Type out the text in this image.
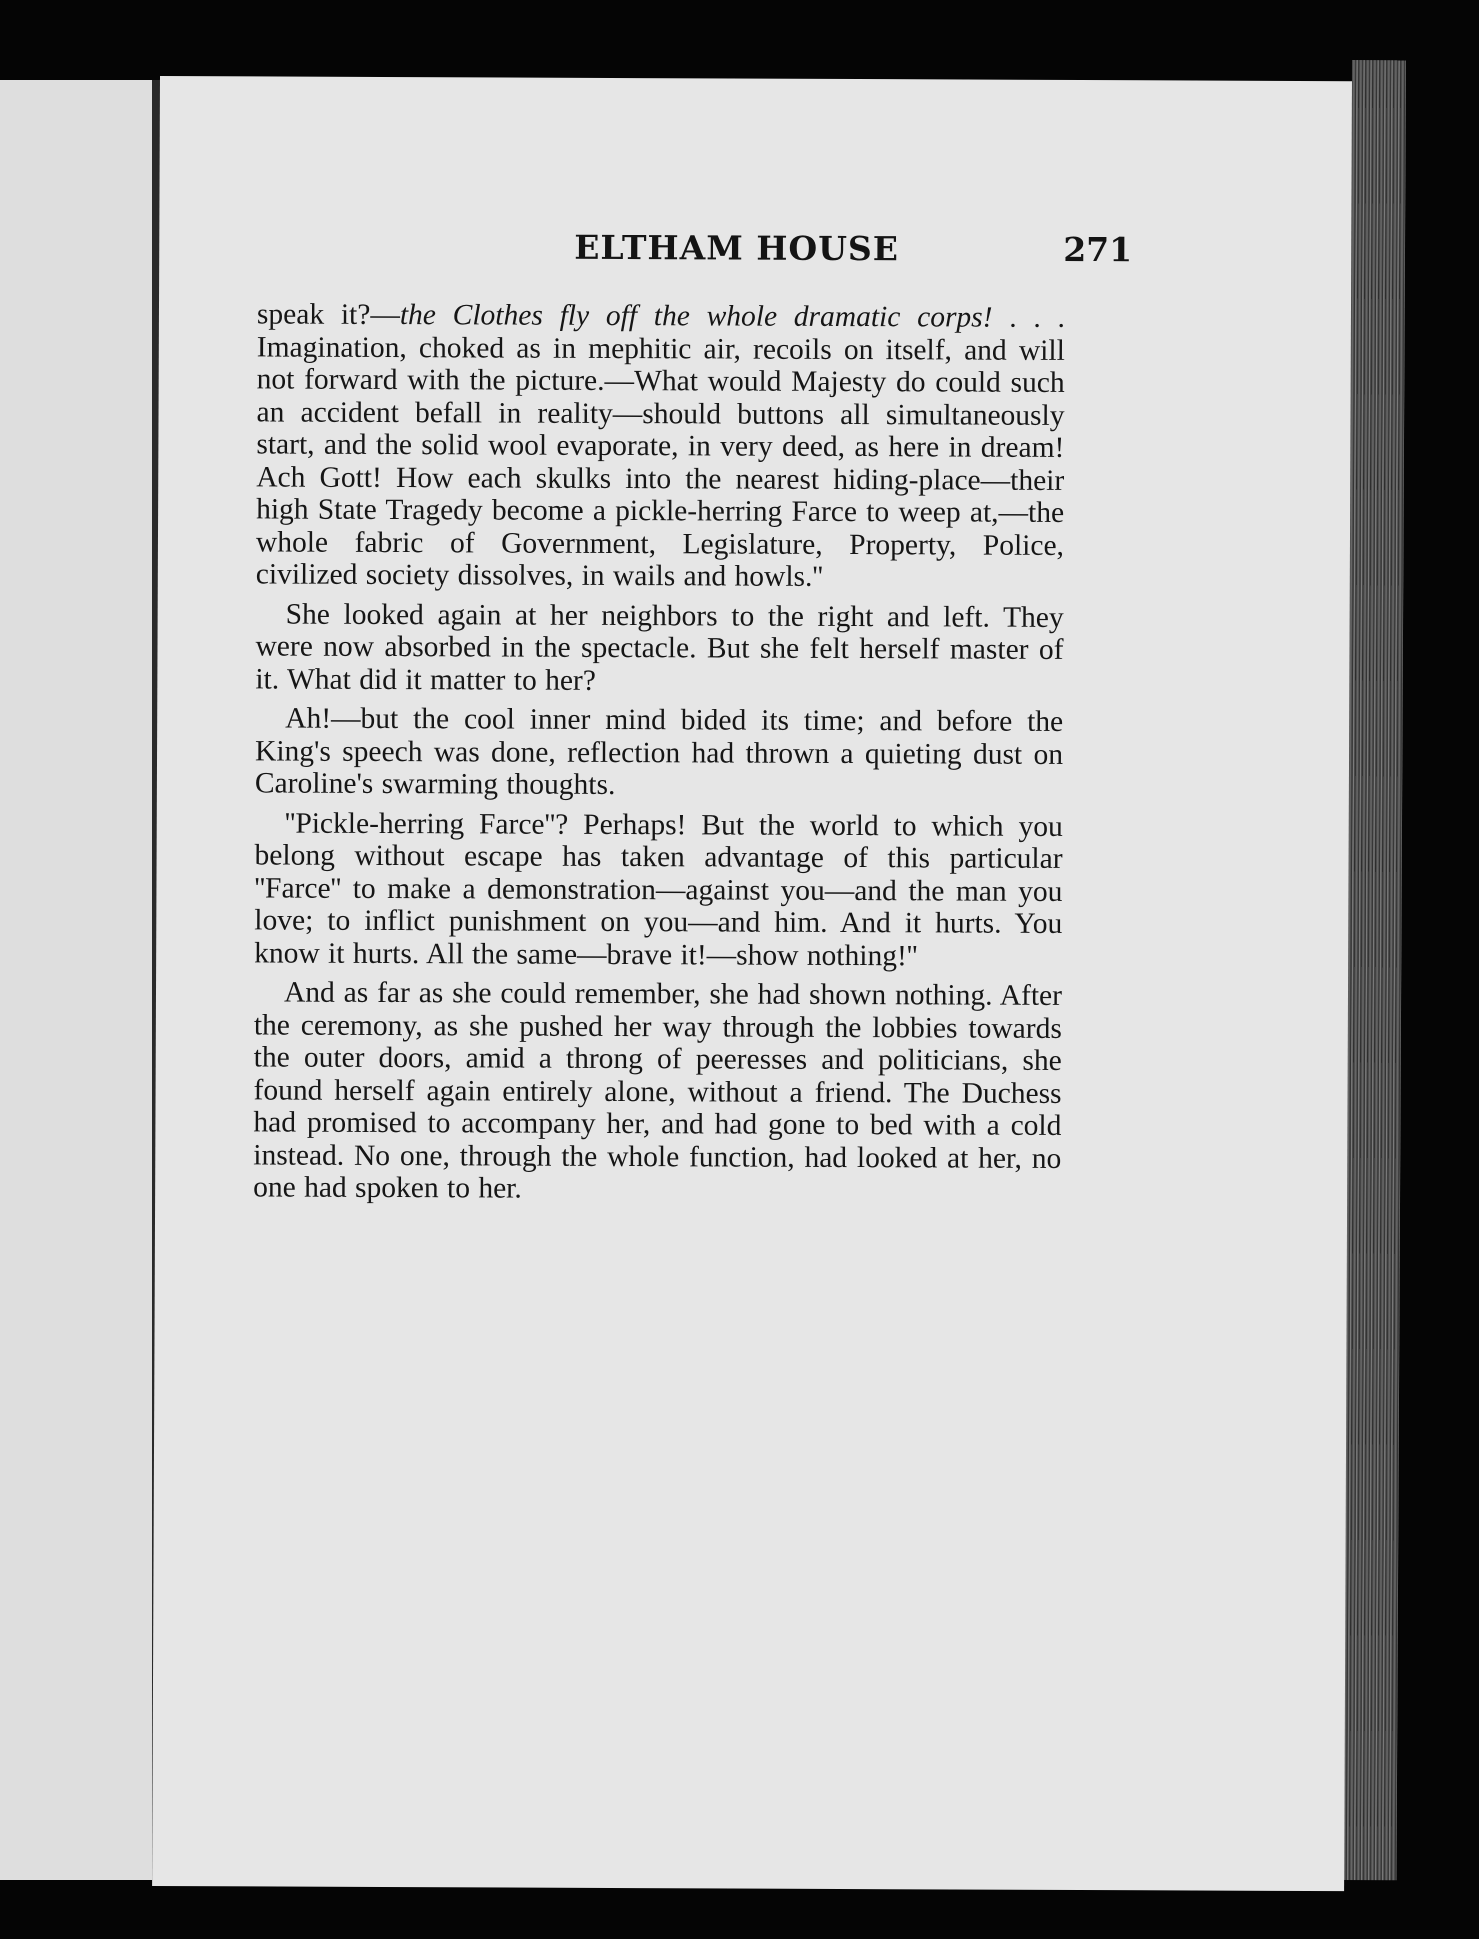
ELTHAM HOUSE	271

speak it?—the Clothes fly off the whole dramatic corps! . . . Imagination, choked as in mephitic air, recoils on itself, and will not forward with the picture.—What would Majesty do could such an accident befall in reality—should buttons all simultaneously start, and the solid wool evaporate, in very deed, as here in dream! Ach Gott! How each skulks into the nearest hiding-place—their high State Tragedy become a pickle-herring Farce to weep at,—the whole fabric of Government, Legislature, Property, Police, civilized society dissolves, in wails and howls.''

She looked again at her neighbors to the right and left. They were now absorbed in the spectacle. But she felt herself master of it. What did it matter to her?

Ah!—but the cool inner mind bided its time; and before the King's speech was done, reflection had thrown a quieting dust on Caroline's swarming thoughts.

''Pickle-herring Farce''? Perhaps! But the world to which you belong without escape has taken advantage of this particular ''Farce'' to make a demonstration—against you—and the man you love; to inflict punishment on you—and him. And it hurts. You know it hurts. All the same—brave it!—show nothing!''

And as far as she could remember, she had shown nothing. After the ceremony, as she pushed her way through the lobbies towards the outer doors, amid a throng of peeresses and politicians, she found herself again entirely alone, without a friend. The Duchess had promised to accompany her, and had gone to bed with a cold instead. No one, through the whole function, had looked at her, no one had spoken to her.
